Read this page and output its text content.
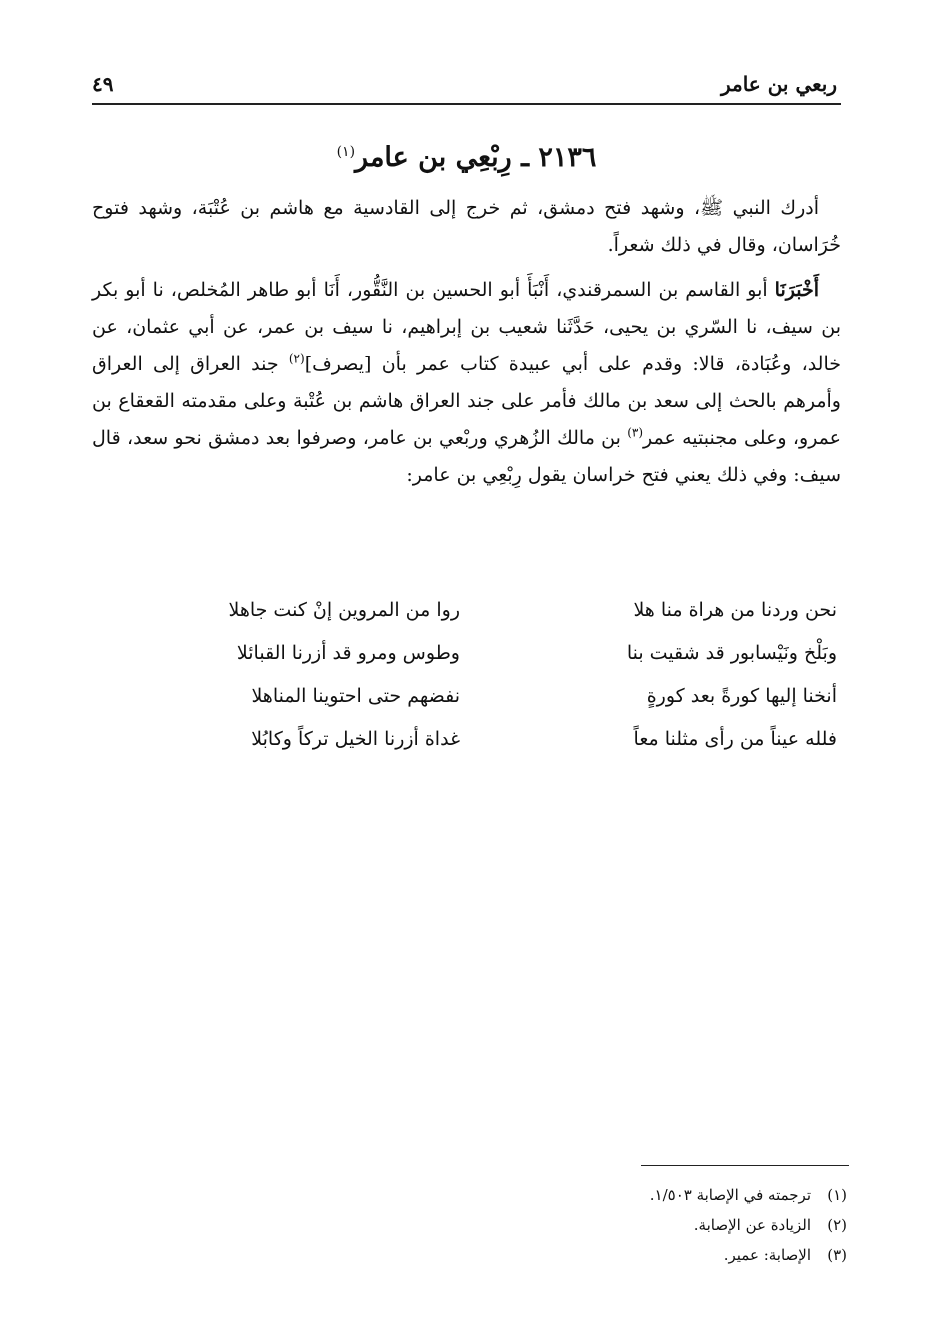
ربعي بن عامر
٤٩
٢١٣٦ ـ رِبْعِي بن عامر$^{(١)}$

أدرك النبي ﷺ، وشهد فتح دمشق، ثم خرج إلى القادسية مع هاشم بن عُتْبَة، وشهد فتوح خُرَاسان، وقال في ذلك شعراً.

أَخْبَرَنَا أبو القاسم بن السمرقندي، أَنْبَأَ أبو الحسين بن النَّقُّور، أَنَا أبو طاهر المُخلص، نا أبو بكر بن سيف، نا السّري بن يحيى، حَدَّثَنا شعيب بن إبراهيم، نا سيف بن عمر، عن أبي عثمان، عن خالد، وعُبَادة، قالا: وقدم على أبي عبيدة كتاب عمر بأن [يصرف]$^{(٢)}$ جند العراق إلى العراق وأمرهم بالحث إلى سعد بن مالك فأمر على جند العراق هاشم بن عُتْبة وعلى مقدمته القعقاع بن عمرو، وعلى مجنبتيه عمر$^{(٣)}$ بن مالك الزُهري وربْعي بن عامر، وصرفوا بعد دمشق نحو سعد، قال سيف: وفي ذلك يعني فتح خراسان يقول رِبْعِي بن عامر:

نحن وردنا من هراة منا هلا
روا من المروين إنْ كنت جاهلا
وبَلْخ ونَيْسابور قد شقيت بنا
وطوس ومرو قد أزرنا القبائلا
أنخنا إليها كورةً بعد كورةٍ
نفضهم حتى احتوينا المناهلا
فلله عيناً من رأى مثلنا معاً
غداة أزرنا الخيل تركاً وكابُلا
(١)
ترجمته في الإصابة ١/٥٠٣.
(٢)
الزيادة عن الإصابة.
(٣)
الإصابة: عمير.
